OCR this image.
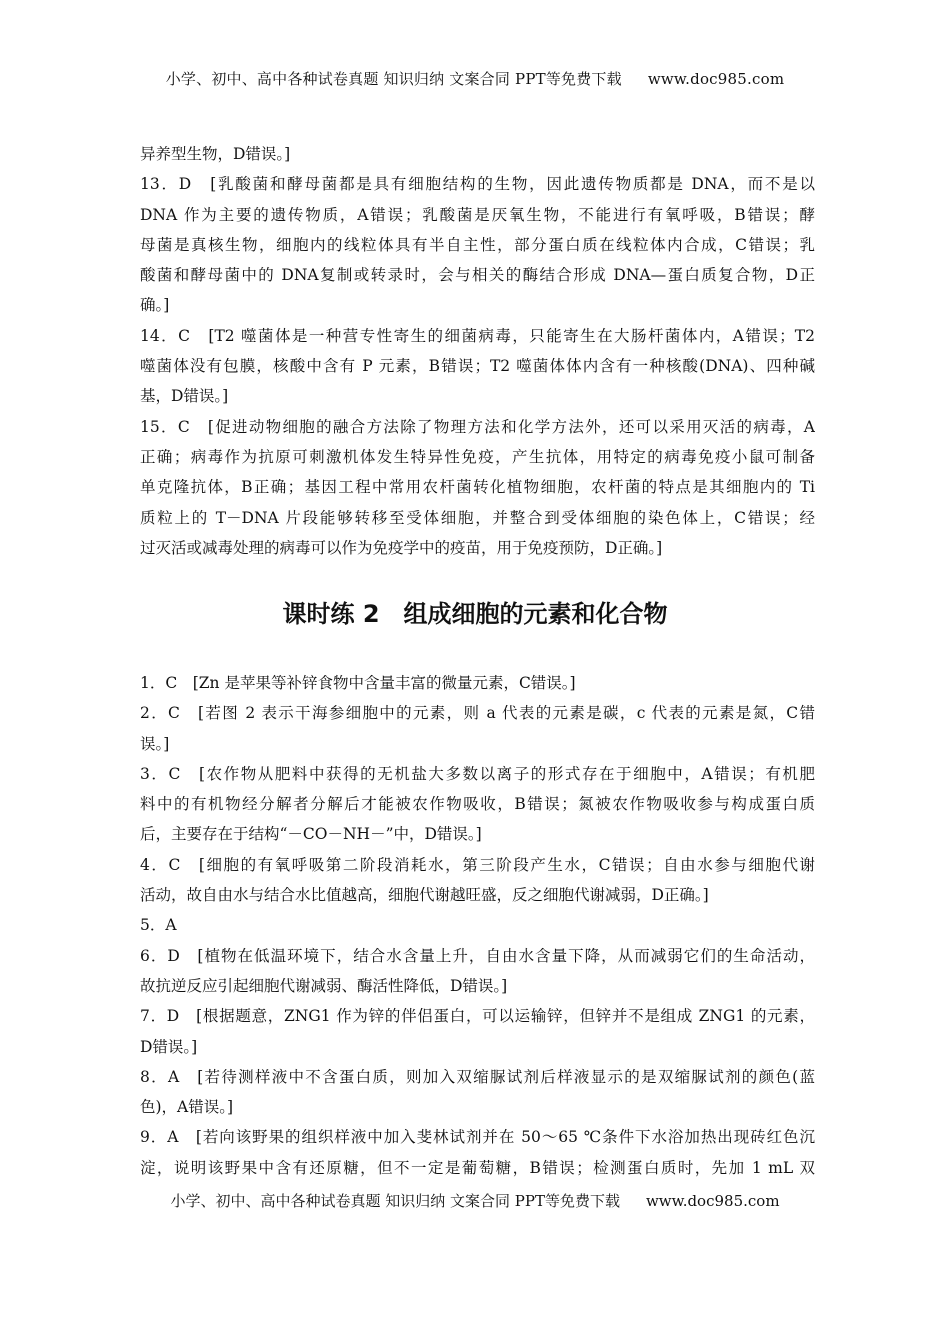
小学、初中、高中各种试卷真题 知识归纳 文案合同 PPT等免费下载 www.doc985.com
异养型生物，D错误。]
13．D　[乳酸菌和酵母菌都是具有细胞结构的生物，因此遗传物质都是 DNA，而不是以
DNA 作为主要的遗传物质，A错误；乳酸菌是厌氧生物，不能进行有氧呼吸，B错误；酵
母菌是真核生物，细胞内的线粒体具有半自主性，部分蛋白质在线粒体内合成，C错误；乳
酸菌和酵母菌中的 DNA复制或转录时，会与相关的酶结合形成 DNA—蛋白质复合物，D正
确。]
14．C　[T2 噬菌体是一种营专性寄生的细菌病毒，只能寄生在大肠杆菌体内，A错误；T2
噬菌体没有包膜，核酸中含有 P 元素，B错误；T2 噬菌体体内含有一种核酸(DNA)、四种碱
基，D错误。]
15．C　[促进动物细胞的融合方法除了物理方法和化学方法外，还可以采用灭活的病毒，A
正确；病毒作为抗原可刺激机体发生特异性免疫，产生抗体，用特定的病毒免疫小鼠可制备
单克隆抗体，B正确；基因工程中常用农杆菌转化植物细胞，农杆菌的特点是其细胞内的 Ti
质粒上的 T－DNA 片段能够转移至受体细胞，并整合到受体细胞的染色体上，C错误；经
过灭活或减毒处理的病毒可以作为免疫学中的疫苗，用于免疫预防，D正确。]
课时练 2　组成细胞的元素和化合物
1．C　[Zn 是苹果等补锌食物中含量丰富的微量元素，C错误。]
2．C　[若图 2 表示干海参细胞中的元素，则 a 代表的元素是碳，c 代表的元素是氮，C错
误。]
3．C　[农作物从肥料中获得的无机盐大多数以离子的形式存在于细胞中，A错误；有机肥
料中的有机物经分解者分解后才能被农作物吸收，B错误；氮被农作物吸收参与构成蛋白质
后，主要存在于结构“－CO－NH－”中，D错误。]
4．C　[细胞的有氧呼吸第二阶段消耗水，第三阶段产生水，C错误；自由水参与细胞代谢
活动，故自由水与结合水比值越高，细胞代谢越旺盛，反之细胞代谢减弱，D正确。]
5．A
6．D　[植物在低温环境下，结合水含量上升，自由水含量下降，从而减弱它们的生命活动，
故抗逆反应引起细胞代谢减弱、酶活性降低，D错误。]
7．D　[根据题意，ZNG1 作为锌的伴侣蛋白，可以运输锌，但锌并不是组成 ZNG1 的元素，
D错误。]
8．A　[若待测样液中不含蛋白质，则加入双缩脲试剂后样液显示的是双缩脲试剂的颜色(蓝
色)，A错误。]
9．A　[若向该野果的组织样液中加入斐林试剂并在 50～65 ℃条件下水浴加热出现砖红色沉
淀，说明该野果中含有还原糖，但不一定是葡萄糖，B错误；检测蛋白质时，先加 1 mL 双
小学、初中、高中各种试卷真题 知识归纳 文案合同 PPT等免费下载 www.doc985.com
